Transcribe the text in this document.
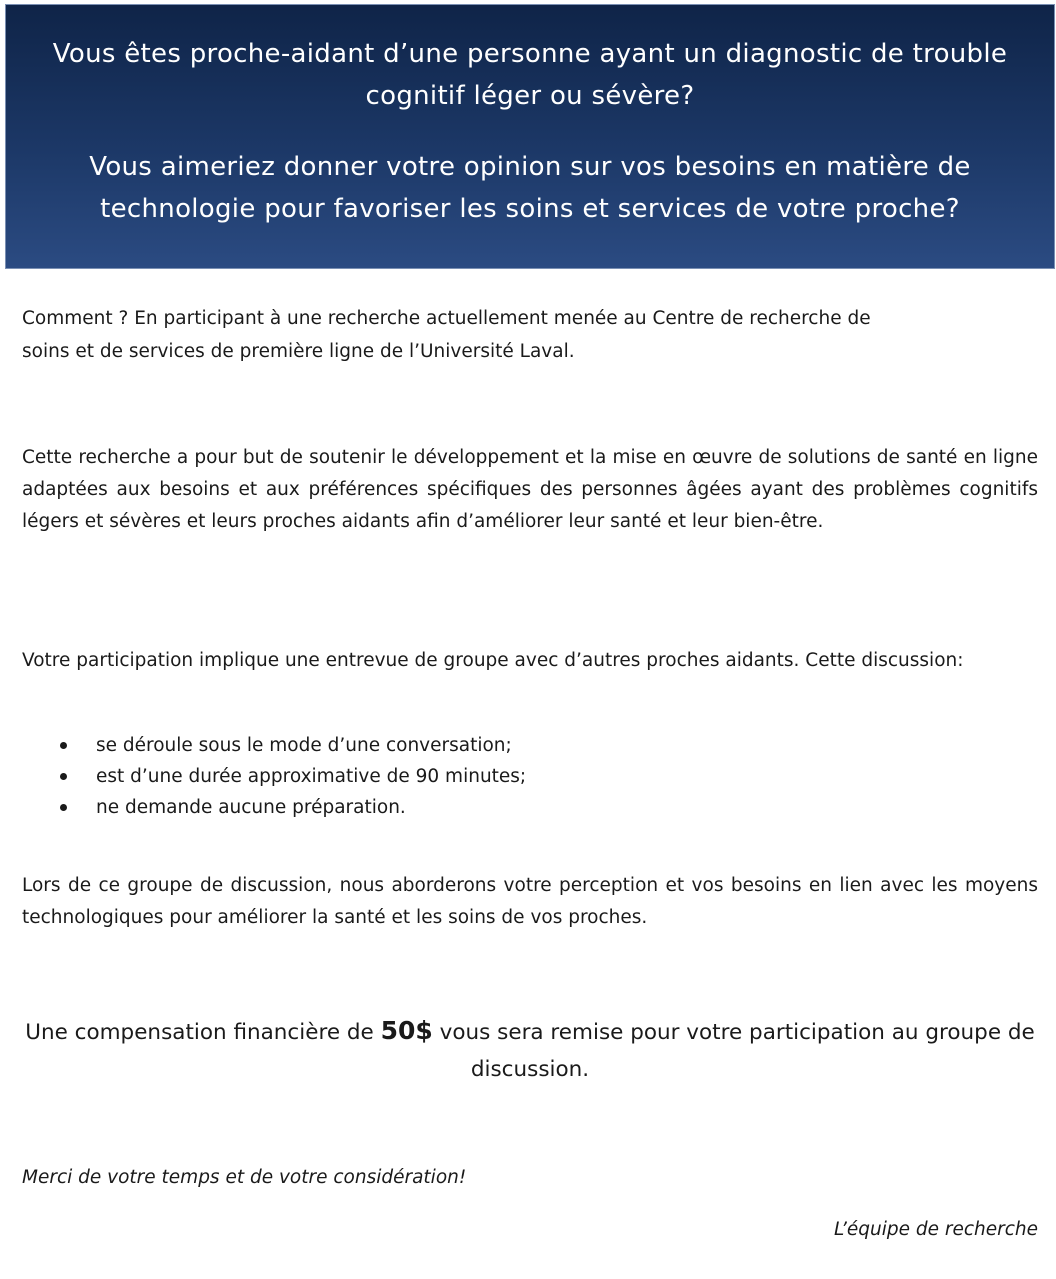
Vous êtes proche-aidant d’une personne ayant un diagnostic de trouble cognitif léger ou sévère?

Vous aimeriez donner votre opinion sur vos besoins en matière de technologie pour favoriser les soins et services de votre proche?

Comment ? En participant à une recherche actuellement menée au Centre de recherche de soins et de services de première ligne de l’Université Laval.

Cette recherche a pour but de soutenir le développement et la mise en œuvre de solutions de santé en ligne adaptées aux besoins et aux préférences spécifiques des personnes âgées ayant des problèmes cognitifs légers et sévères et leurs proches aidants afin d’améliorer leur santé et leur bien-être.

Votre participation implique une entrevue de groupe avec d’autres proches aidants. Cette discussion:

se déroule sous le mode d’une conversation;
est d’une durée approximative de 90 minutes;
ne demande aucune préparation.

Lors de ce groupe de discussion, nous aborderons votre perception et vos besoins en lien avec les moyens technologiques pour améliorer la santé et les soins de vos proches.

Une compensation financière de 50$ vous sera remise pour votre participation au groupe de discussion.

Merci de votre temps et de votre considération!

L’équipe de recherche
